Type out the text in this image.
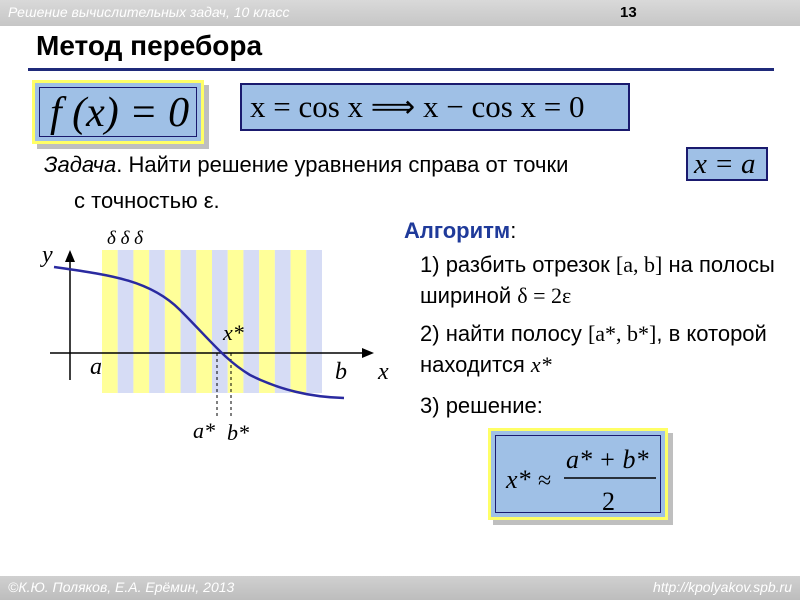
Решение вычислительных задач, 10 класс	13
Метод перебора
f (x) = 0	x = cos x ⟹ x − cos x = 0
Задача. Найти решение уравнения справа от точки
с точностью ε.
x = a
y
x
a	b
x*
a* b*
δ δ δ	Алгоритм:
1) разбить отрезок [a, b] на полосы шириной δ = 2ε
2) найти полосу [a*, b*], в которой находится x*
3) решение:
x* ≈
a* + b*
2
©К.Ю. Поляков, Е.А. Ерёмин, 2013	http://kpolyakov.spb.ru
